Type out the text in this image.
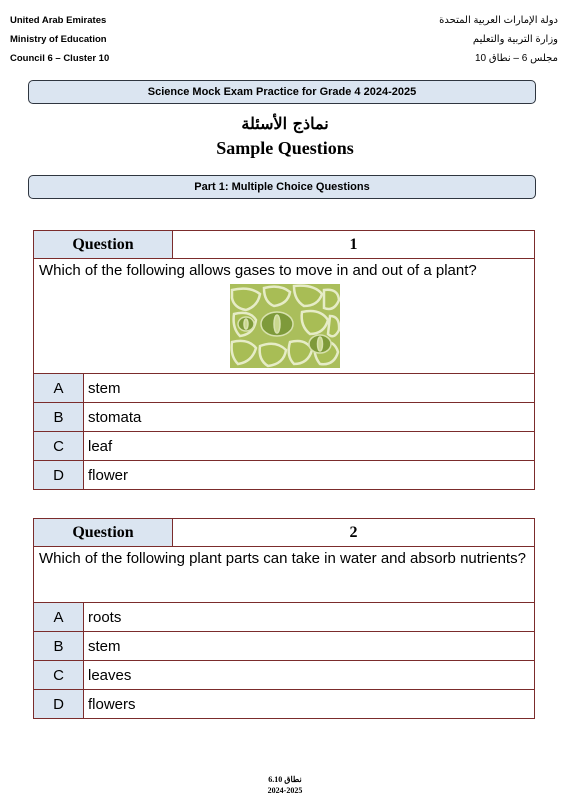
United Arab Emirates
Ministry of Education
Council 6 – Cluster 10
دولة الإمارات العربية المتحدة
وزارة التربية والتعليم
مجلس 6 – نطاق 10
Science Mock Exam Practice for Grade 4 2024-2025
نماذج الأسئلة
Sample Questions
Part 1: Multiple Choice Questions
Question		1

Which of the following allows gases to move in and out of a plant?		

A	stem	
B	stomata	
C	leaf	
D	flower	
Question		2
Which of the following plant parts can take in water and absorb nutrients?		
A	roots	
B	stem	
C	leaves	
D	flowers	
نطاق 6.10
2024-2025
